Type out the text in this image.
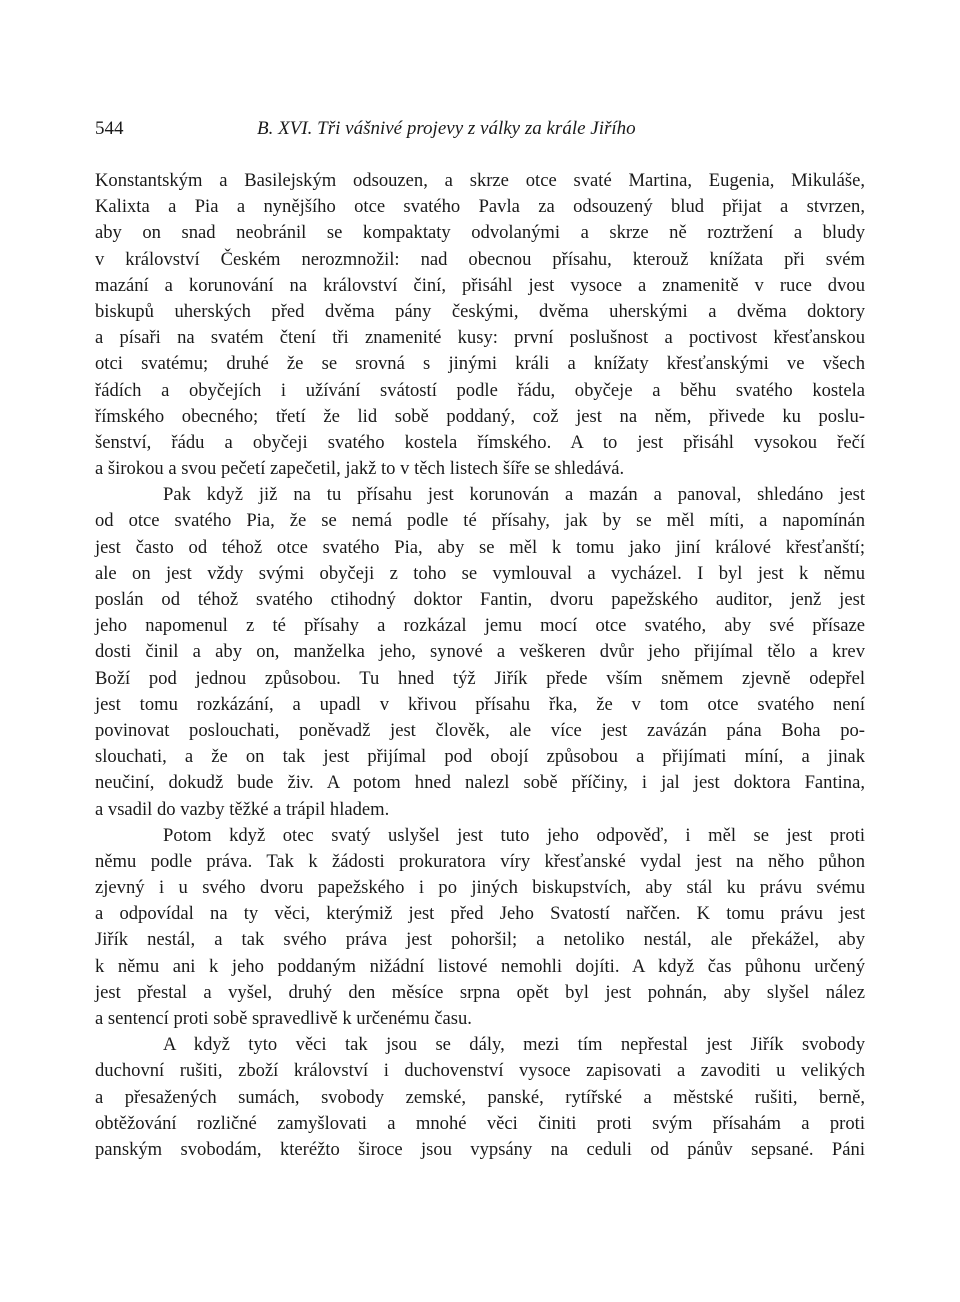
544	B. XVI. Tři vášnivé projevy z války za krále Jiřího
Konstantským a Basilejským odsouzen, a skrze otce svaté Martina, Eugenia, Mikuláše,
Kalixta a Pia a nynějšího otce svatého Pavla za odsouzený blud přijat a stvrzen,
aby on snad neobránil se kompaktaty odvolanými a skrze ně roztržení a bludy
v království Českém nerozmnožil: nad obecnou přísahu, kterouž knížata při svém
mazání a korunování na království činí, přisáhl jest vysoce a znamenitě v ruce dvou
biskupů uherských před dvěma pány českými, dvěma uherskými a dvěma doktory
a písaři na svatém čtení tři znamenité kusy: první poslušnost a poctivost křesťanskou
otci svatému; druhé že se srovná s jinými králi a knížaty křesťanskými ve všech
řádích a obyčejích i užívání svátostí podle řádu, obyčeje a běhu svatého kostela
římského obecného; třetí že lid sobě poddaný, což jest na něm, přivede ku poslu-
šenství, řádu a obyčeji svatého kostela římského. A to jest přisáhl vysokou řečí
a širokou a svou pečetí zapečetil, jakž to v těch listech šíře se shledává.
Pak když již na tu přísahu jest korunován a mazán a panoval, shledáno jest
od otce svatého Pia, že se nemá podle té přísahy, jak by se měl míti, a napomínán
jest často od téhož otce svatého Pia, aby se měl k tomu jako jiní králové křesťanští;
ale on jest vždy svými obyčeji z toho se vymlouval a vycházel. I byl jest k němu
poslán od téhož svatého ctihodný doktor Fantin, dvoru papežského auditor, jenž jest
jeho napomenul z té přísahy a rozkázal jemu mocí otce svatého, aby své přísaze
dosti činil a aby on, manželka jeho, synové a veškeren dvůr jeho přijímal tělo a krev
Boží pod jednou způsobou. Tu hned týž Jiřík přede vším sněmem zjevně odepřel
jest tomu rozkázání, a upadl v křivou přísahu řka, že v tom otce svatého není
povinovat poslouchati, poněvadž jest člověk, ale více jest zavázán pána Boha po-
slouchati, a že on tak jest přijímal pod obojí způsobou a přijímati míní, a jinak
neučiní, dokudž bude živ. A potom hned nalezl sobě příčiny, i jal jest doktora Fantina,
a vsadil do vazby těžké a trápil hladem.
Potom když otec svatý uslyšel jest tuto jeho odpověď, i měl se jest proti
němu podle práva. Tak k žádosti prokuratora víry křesťanské vydal jest na něho půhon
zjevný i u svého dvoru papežského i po jiných biskupstvích, aby stál ku právu svému
a odpovídal na ty věci, kterýmiž jest před Jeho Svatostí nařčen. K tomu právu jest
Jiřík nestál, a tak svého práva jest pohoršil; a netoliko nestál, ale překážel, aby
k němu ani k jeho poddaným nižádní listové nemohli dojíti. A když čas půhonu určený
jest přestal a vyšel, druhý den měsíce srpna opět byl jest pohnán, aby slyšel nález
a sentencí proti sobě spravedlivě k určenému času.
A když tyto věci tak jsou se dály, mezi tím nepřestal jest Jiřík svobody
duchovní rušiti, zboží království i duchovenství vysoce zapisovati a zavoditi u velikých
a přesažených sumách, svobody zemské, panské, rytířské a městské rušiti, berně,
obtěžování rozličné zamyšlovati a mnohé věci činiti proti svým přísahám a proti
panským svobodám, kteréžto široce jsou vypsány na ceduli od pánův sepsané. Páni
